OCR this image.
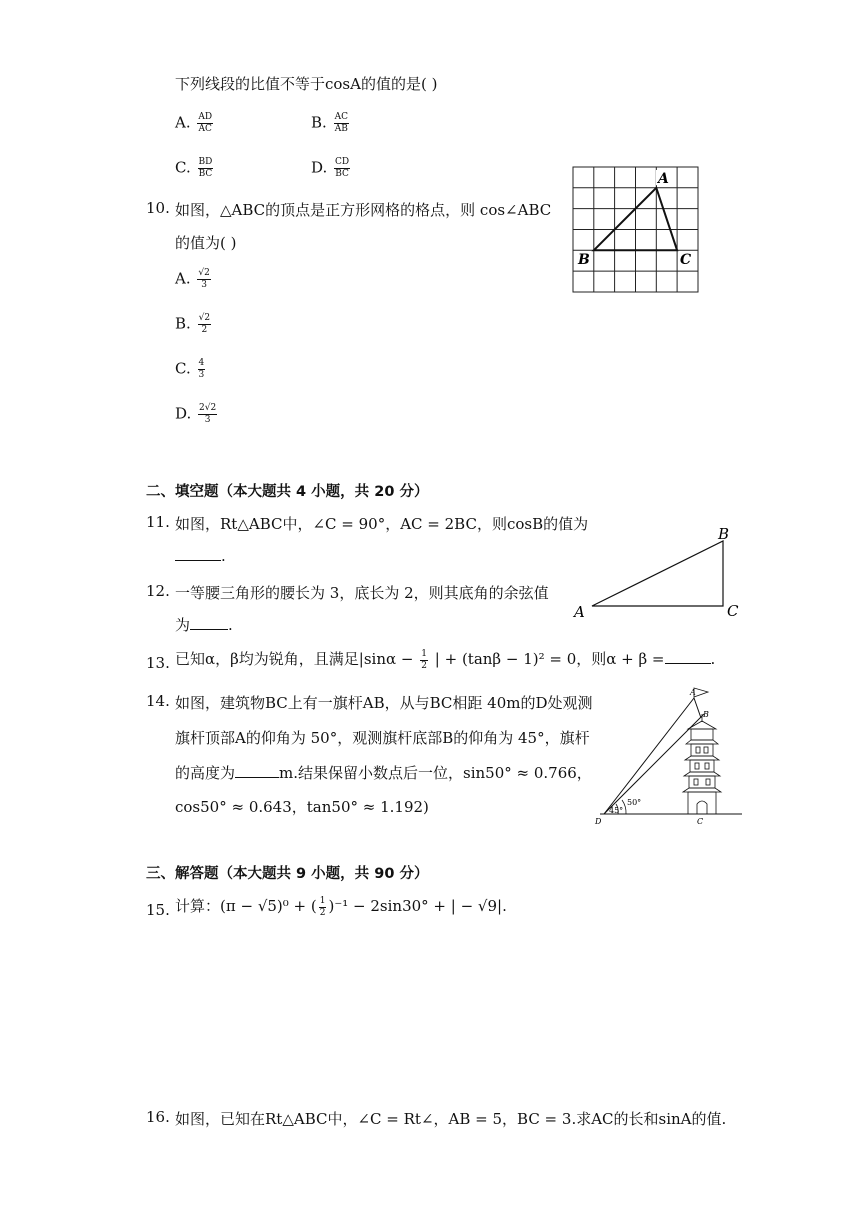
下列线段的比值不等于cosA的值的是( )
A. $\frac{AD}{AC}$	B. $\frac{AC}{AB}$
C. $\frac{BD}{BC}$	D. $\frac{CD}{BC}$
10. 如图，△ABC的顶点是正方形网格的格点，则 cos∠ABC
的值为( )
A. $\frac{√2}{3}$
B. $\frac{√2}{2}$
C. $\frac{4}{3}$
D. $\frac{2√2}{3}$
A
B	C
二、填空题（本大题共 4 小题，共 20 分）
11. 如图，Rt△ABC中，∠C = 90°，AC = 2BC，则cosB的值为
.
A
B
C
12. 一等腰三角形的腰长为 3，底长为 2，则其底角的余弦值
为	.
13. 已知α，β均为锐角，且满足$|\sin\alpha - \frac{1}{2}$ | + (tanβ − 1)² = 0，则α + β =	.
14. 如图，建筑物BC上有一旗杆AB，从与BC相距 40m的D处观测
旗杆顶部A的仰角为 50°，观测旗杆底部B的仰角为 45°，旗杆
的高度为	m.结果保留小数点后一位，sin50° ≈ 0.766，
cos50° ≈ 0.643，tan50° ≈ 1.192)	45°
50°
A
B
C
D
三、解答题（本大题共 9 小题，共 90 分）
15. 计算：(π − √5)⁰ + ( $\frac{1}{2} )^{-1} - 2\sin 30^\circ$ + | − √9|.
16. 如图，已知在Rt△ABC中，∠C = Rt∠，AB = 5，BC = 3.求AC的长和sinA的值.
